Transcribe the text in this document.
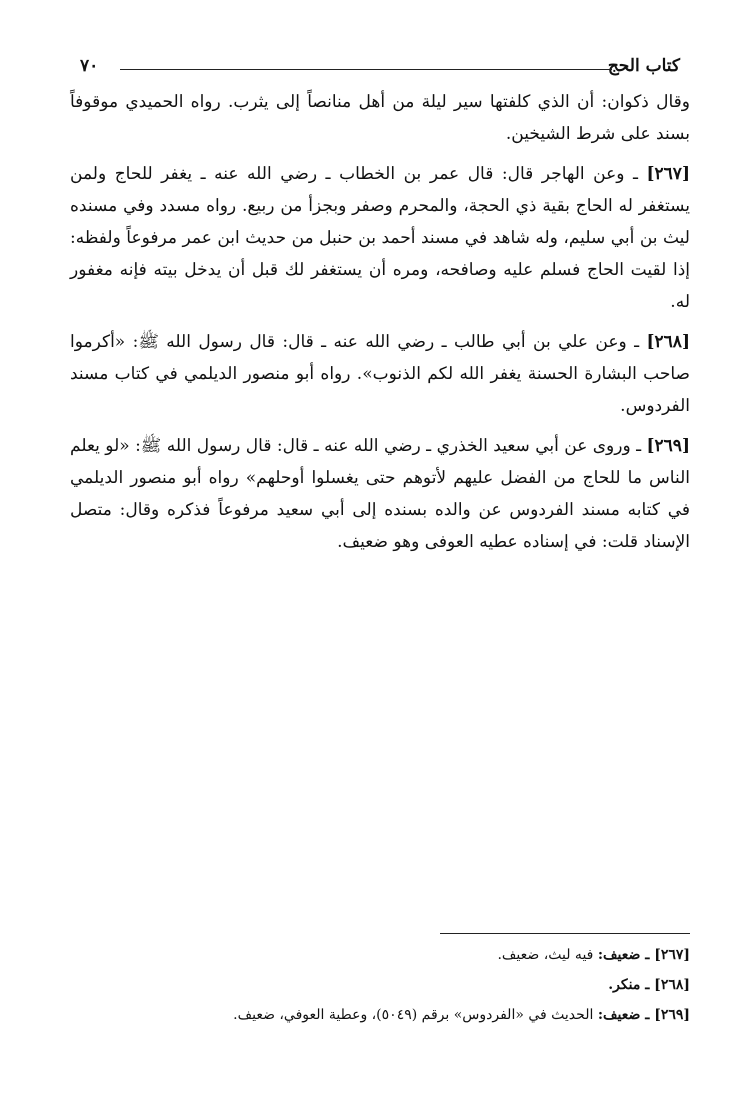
كتاب الحج
٧٠

وقال ذكوان: أن الذي كلفتها سير ليلة من أهل منانصاً إلى يثرب. رواه الحميدي موقوفاً بسند على شرط الشيخين.

[٢٦٧] ـ وعن الهاجر قال: قال عمر بن الخطاب ـ رضي الله عنه ـ يغفر للحاج ولمن يستغفر له الحاج بقية ذي الحجة، والمحرم وصفر وبجزأ من ربيع. رواه مسدد وفي مسنده ليث بن أبي سليم، وله شاهد في مسند أحمد بن حنبل من حديث ابن عمر مرفوعاً ولفظه: إذا لقيت الحاج فسلم عليه وصافحه، ومره أن يستغفر لك قبل أن يدخل بيته فإنه مغفور له.

[٢٦٨] ـ وعن علي بن أبي طالب ـ رضي الله عنه ـ قال: قال رسول الله ﷺ: «أكرموا صاحب البشارة الحسنة يغفر الله لكم الذنوب». رواه أبو منصور الديلمي في كتاب مسند الفردوس.

[٢٦٩] ـ وروى عن أبي سعيد الخذري ـ رضي الله عنه ـ قال: قال رسول الله ﷺ: «لو يعلم الناس ما للحاج من الفضل عليهم لأتوهم حتى يغسلوا أوحلهم» رواه أبو منصور الديلمي في كتابه مسند الفردوس عن والده بسنده إلى أبي سعيد مرفوعاً فذكره وقال: متصل الإسناد قلت: في إسناده عطيه العوفى وهو ضعيف.

[٢٦٧] ـ ضعيف: فيه ليث، ضعيف.

[٢٦٨] ـ منكر.

[٢٦٩] ـ ضعيف: الحديث في «الفردوس» برقم (٥٠٤٩)، وعطية العوفي، ضعيف.
